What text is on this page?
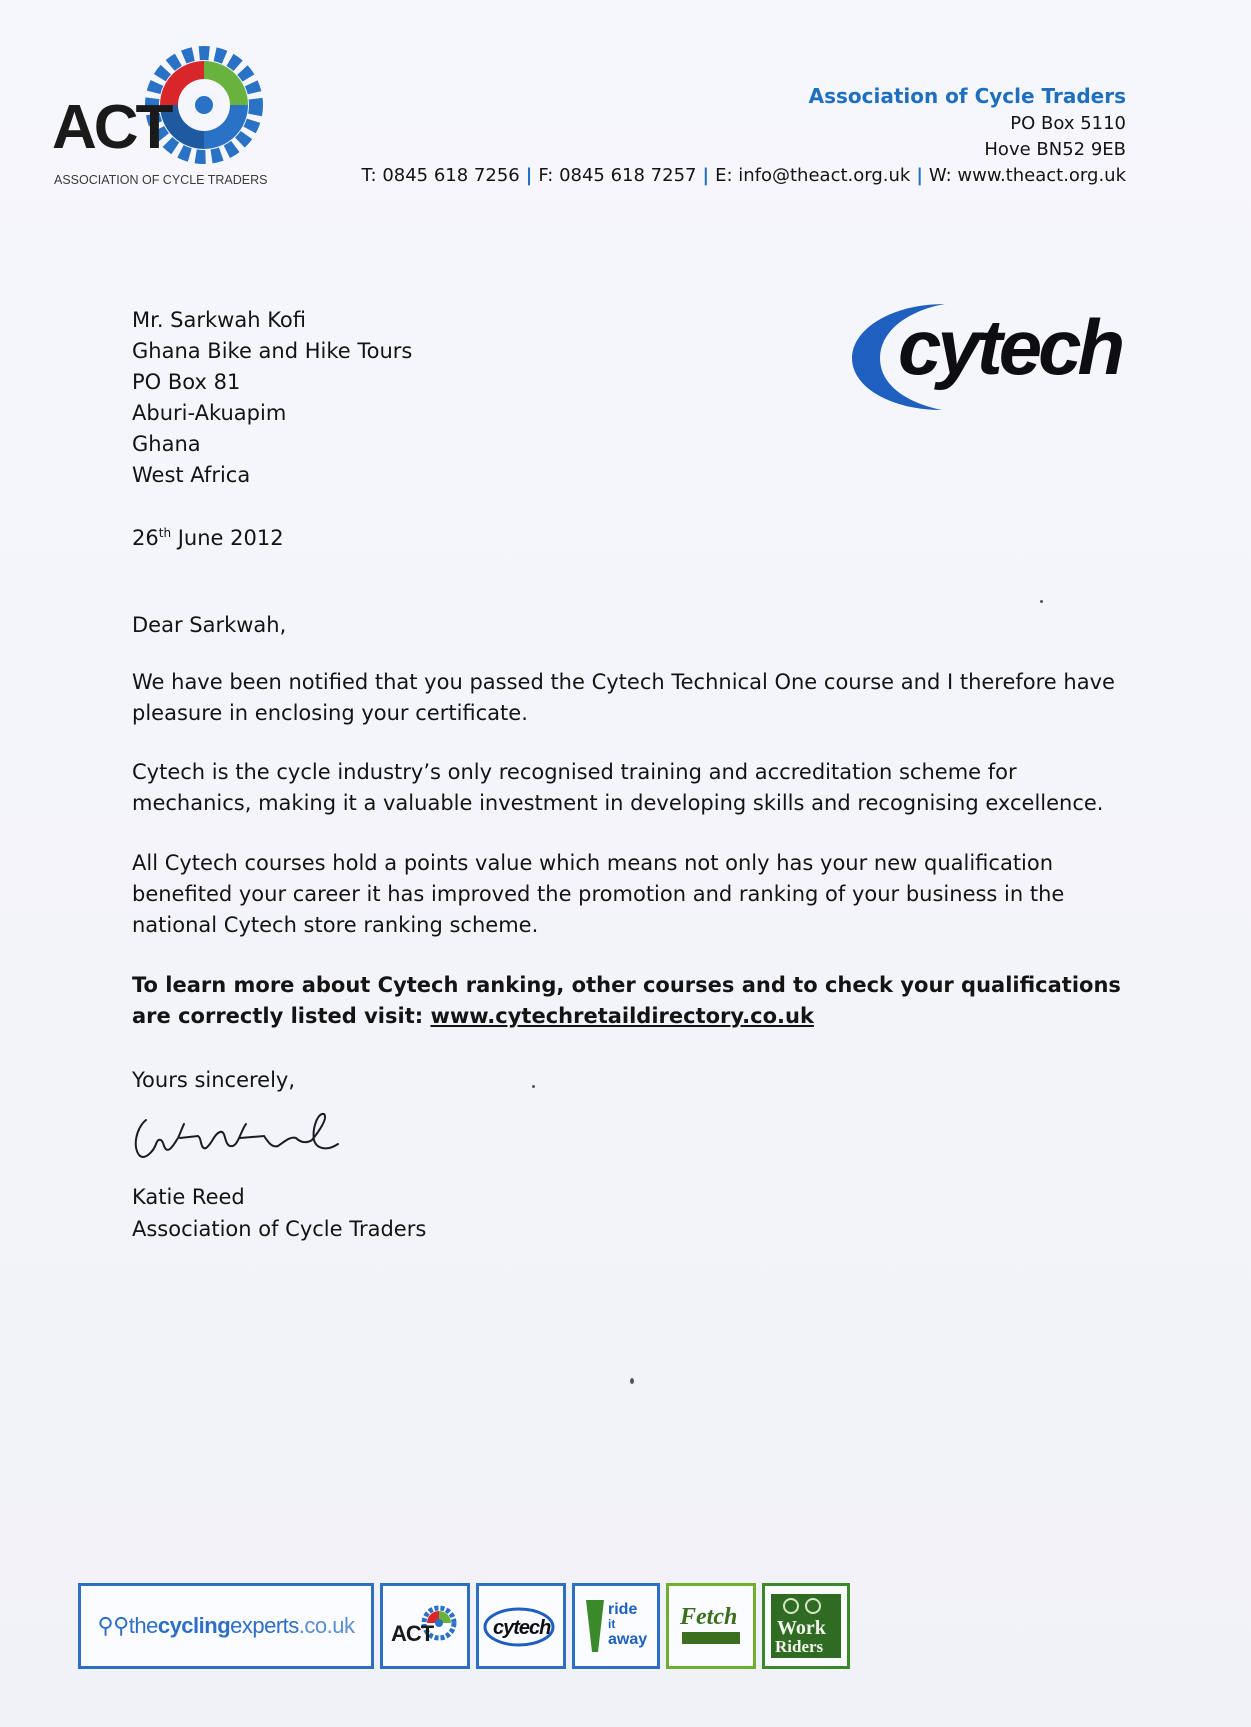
ACT
ASSOCIATION OF CYCLE TRADERS
Association of Cycle Traders
PO Box 5110
Hove BN52 9EB
T: 0845 618 7256 | F: 0845 618 7257 | E: info@theact.org.uk | W: www.theact.org.uk
cytech
Mr. Sarkwah Kofi
Ghana Bike and Hike Tours
PO Box 81
Aburi-Akuapim
Ghana
West Africa
26th June 2012
Dear Sarkwah,
We have been notified that you passed the Cytech Technical One course and I therefore have pleasure in enclosing your certificate.
Cytech is the cycle industry’s only recognised training and accreditation scheme for mechanics, making it a valuable investment in developing skills and recognising excellence.
All Cytech courses hold a points value which means not only has your new qualification benefited your career it has improved the promotion and ranking of your business in the national Cytech store ranking scheme.
To learn more about Cytech ranking, other courses and to check your qualifications are correctly listed visit: www.cytechretaildirectory.co.uk
Yours sincerely,
Katie Reed
Association of Cycle Traders
⚲⚲thecyclingexperts.co.uk ACT	cytech
ride
it
away
Fetch Work
Riders
